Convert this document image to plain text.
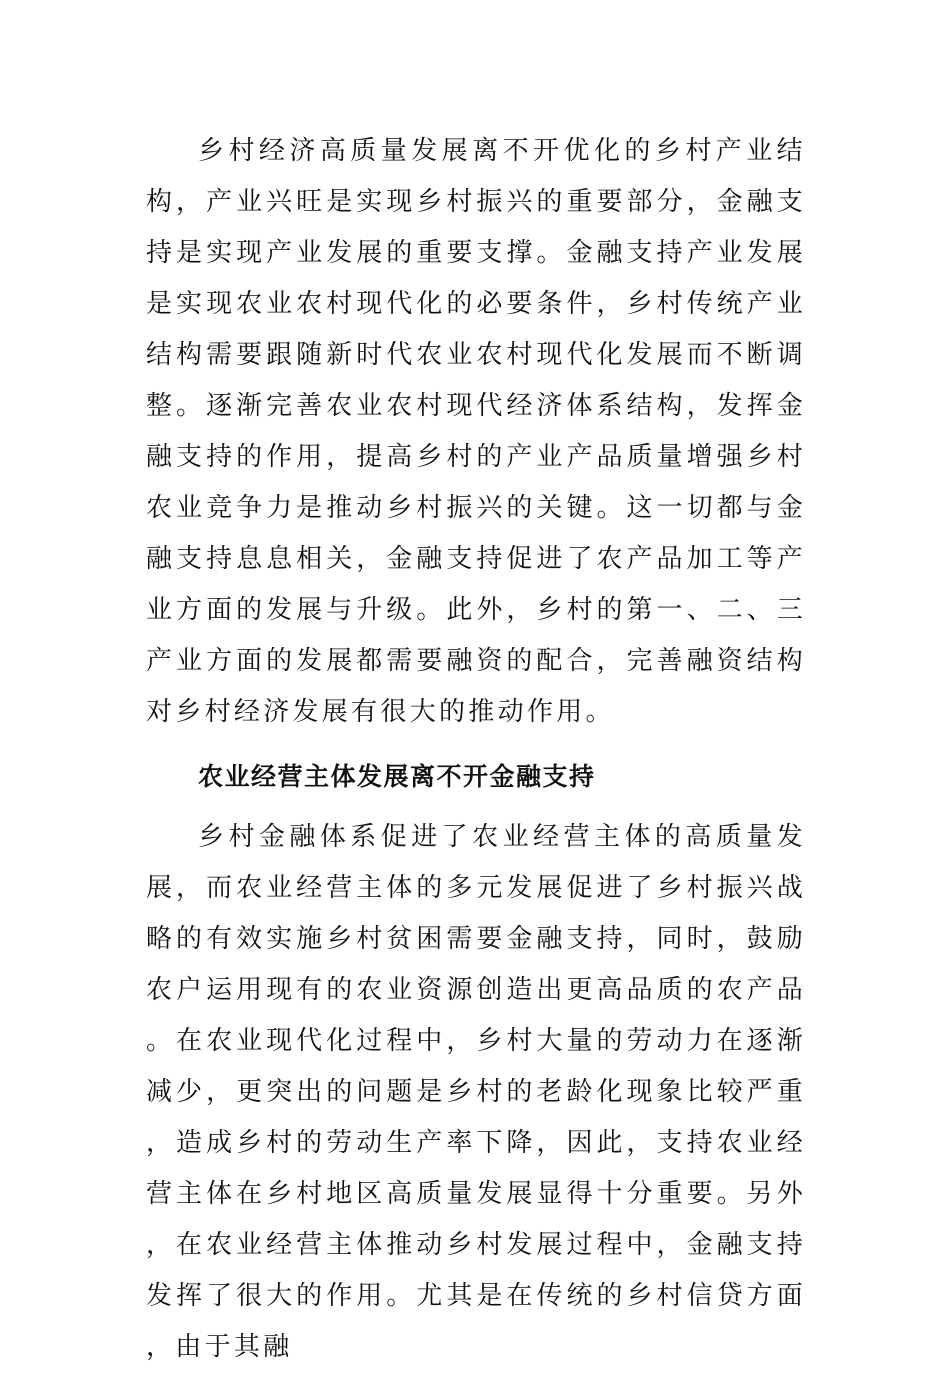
乡村经济高质量发展离不开优化的乡村产业结构，产业兴旺是实现乡村振兴的重要部分，金融支持是实现产业发展的重要支撑。金融支持产业发展是实现农业农村现代化的必要条件，乡村传统产业结构需要跟随新时代农业农村现代化发展而不断调整。逐渐完善农业农村现代经济体系结构，发挥金融支持的作用，提高乡村的产业产品质量增强乡村农业竞争力是推动乡村振兴的关键。这一切都与金融支持息息相关，金融支持促进了农产品加工等产业方面的发展与升级。此外，乡村的第一、二、三产业方面的发展都需要融资的配合，完善融资结构对乡村经济发展有很大的推动作用。

农业经营主体发展离不开金融支持

乡村金融体系促进了农业经营主体的高质量发展，而农业经营主体的多元发展促进了乡村振兴战略的有效实施乡村贫困需要金融支持，同时，鼓励农户运用现有的农业资源创造出更高品质的农产品。在农业现代化过程中，乡村大量的劳动力在逐渐减少，更突出的问题是乡村的老龄化现象比较严重，造成乡村的劳动生产率下降，因此，支持农业经营主体在乡村地区高质量发展显得十分重要。另外，在农业经营主体推动乡村发展过程中，金融支持发挥了很大的作用。尤其是在传统的乡村信贷方面，由于其融
